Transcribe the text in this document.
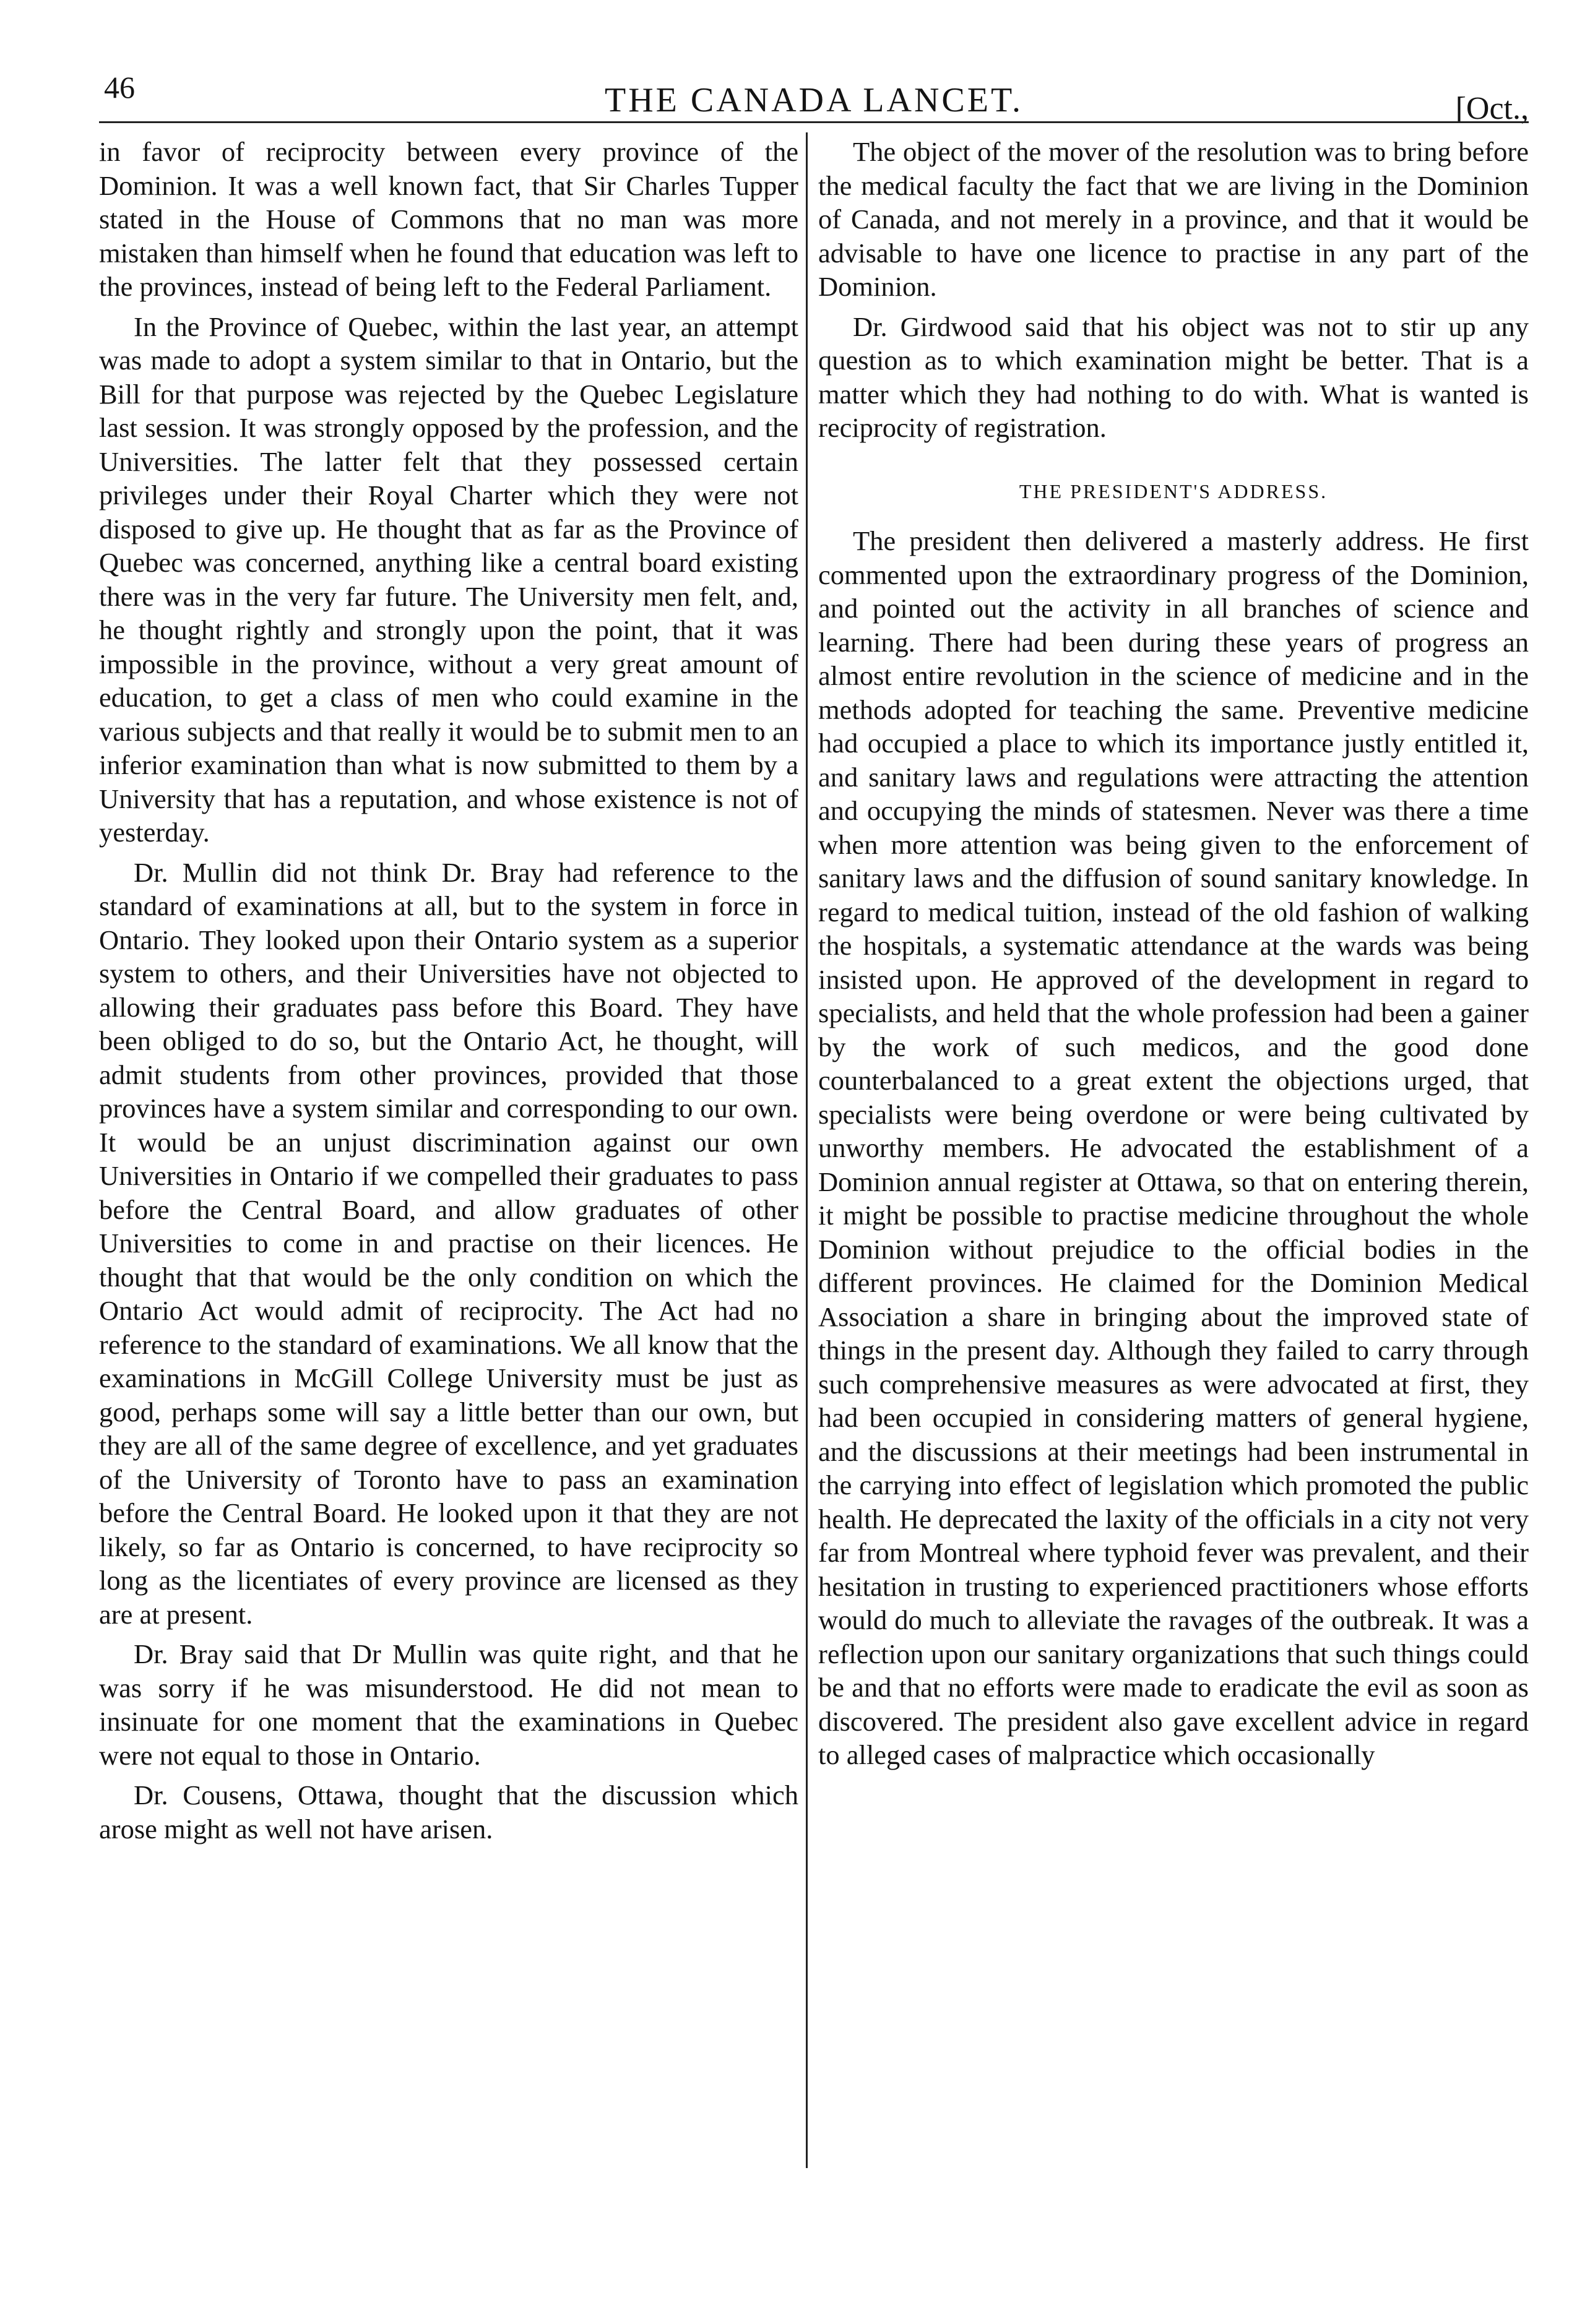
46	THE CANADA LANCET.	[Oct.,

in favor of reciprocity between every province of the Dominion. It was a well known fact, that Sir Charles Tupper stated in the House of Commons that no man was more mistaken than himself when he found that education was left to the provinces, instead of being left to the Federal Parliament.

In the Province of Quebec, within the last year, an attempt was made to adopt a system similar to that in Ontario, but the Bill for that purpose was rejected by the Quebec Legislature last session. It was strongly opposed by the profession, and the Universities. The latter felt that they possessed certain privileges under their Royal Charter which they were not disposed to give up. He thought that as far as the Province of Quebec was concerned, anything like a central board existing there was in the very far future. The University men felt, and, he thought rightly and strongly upon the point, that it was impossible in the province, without a very great amount of education, to get a class of men who could examine in the various subjects and that really it would be to submit men to an inferior examination than what is now submitted to them by a University that has a reputation, and whose existence is not of yesterday.

Dr. Mullin did not think Dr. Bray had reference to the standard of examinations at all, but to the system in force in Ontario. They looked upon their Ontario system as a superior system to others, and their Universities have not objected to allowing their graduates pass before this Board. They have been obliged to do so, but the Ontario Act, he thought, will admit students from other provinces, provided that those provinces have a system similar and corresponding to our own. It would be an unjust discrimination against our own Universities in Ontario if we compelled their graduates to pass before the Central Board, and allow graduates of other Universities to come in and practise on their licences. He thought that that would be the only condition on which the Ontario Act would admit of reciprocity. The Act had no reference to the standard of examinations. We all know that the examinations in McGill College University must be just as good, perhaps some will say a little better than our own, but they are all of the same degree of excellence, and yet graduates of the University of Toronto have to pass an examination before the Central Board. He looked upon it that they are not likely, so far as Ontario is concerned, to have reciprocity so long as the licentiates of every province are licensed as they are at present.

Dr. Bray said that Dr Mullin was quite right, and that he was sorry if he was misunderstood. He did not mean to insinuate for one moment that the examinations in Quebec were not equal to those in Ontario.

Dr. Cousens, Ottawa, thought that the discussion which arose might as well not have arisen.

The object of the mover of the resolution was to bring before the medical faculty the fact that we are living in the Dominion of Canada, and not merely in a province, and that it would be advisable to have one licence to practise in any part of the Dominion.

Dr. Girdwood said that his object was not to stir up any question as to which examination might be better. That is a matter which they had nothing to do with. What is wanted is reciprocity of registration.

THE PRESIDENT'S ADDRESS.

The president then delivered a masterly address. He first commented upon the extraordinary progress of the Dominion, and pointed out the activity in all branches of science and learning. There had been during these years of progress an almost entire revolution in the science of medicine and in the methods adopted for teaching the same. Preventive medicine had occupied a place to which its importance justly entitled it, and sanitary laws and regulations were attracting the attention and occupying the minds of statesmen. Never was there a time when more attention was being given to the enforcement of sanitary laws and the diffusion of sound sanitary knowledge. In regard to medical tuition, instead of the old fashion of walking the hospitals, a systematic attendance at the wards was being insisted upon. He approved of the development in regard to specialists, and held that the whole profession had been a gainer by the work of such medicos, and the good done counterbalanced to a great extent the objections urged, that specialists were being overdone or were being cultivated by unworthy members. He advocated the establishment of a Dominion annual register at Ottawa, so that on entering therein, it might be possible to practise medicine throughout the whole Dominion without prejudice to the official bodies in the different provinces. He claimed for the Dominion Medical Association a share in bringing about the improved state of things in the present day. Although they failed to carry through such comprehensive measures as were advocated at first, they had been occupied in considering matters of general hygiene, and the discussions at their meetings had been instrumental in the carrying into effect of legislation which promoted the public health. He deprecated the laxity of the officials in a city not very far from Montreal where typhoid fever was prevalent, and their hesitation in trusting to experienced practitioners whose efforts would do much to alleviate the ravages of the outbreak. It was a reflection upon our sanitary organizations that such things could be and that no efforts were made to eradicate the evil as soon as discovered. The president also gave excellent advice in regard to alleged cases of malpractice which occasionally
